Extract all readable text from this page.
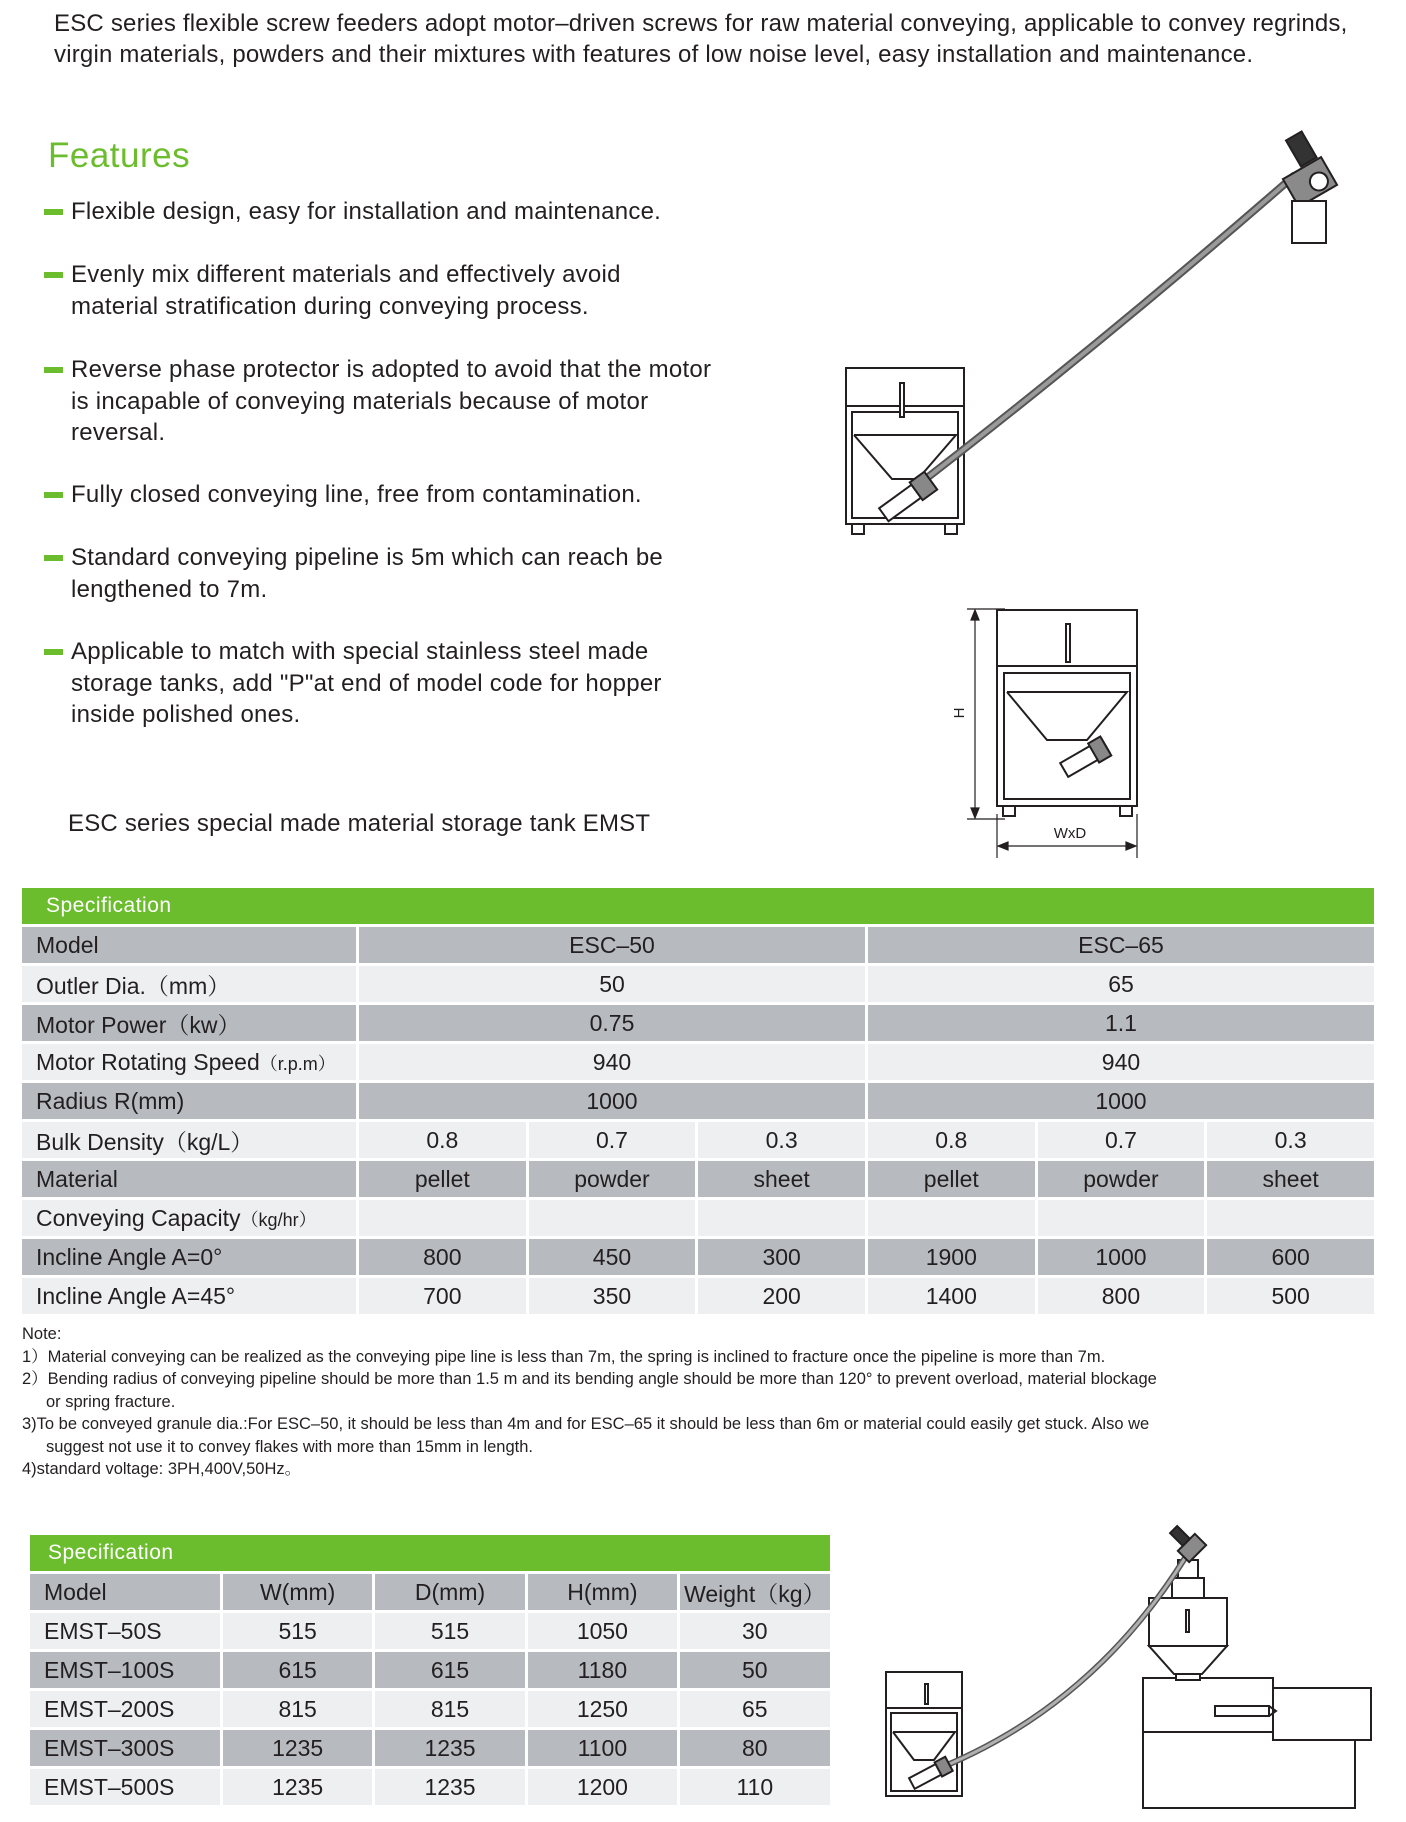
ESC series flexible screw feeders adopt motor–driven screws for raw material conveying, applicable to convey regrinds, virgin materials, powders and their mixtures with features of low noise level, easy installation and maintenance.
Features
Flexible design, easy for installation and maintenance.
Evenly mix different materials and effectively avoid material stratification during conveying process.
Reverse phase protector is adopted to avoid that the motor is incapable of conveying materials because of motor reversal.
Fully closed conveying line, free from contamination.
Standard conveying pipeline is 5m which can reach be lengthened to 7m.
Applicable to match with special stainless steel made storage tanks, add "P"at end of model code for hopper inside polished ones.
ESC series special made material storage tank EMST
H
WxD
Specification
Model	ESC–50			ESC–65		
Outler Dia.（mm）	50			65		
Motor Power（kw）	0.75			1.1		
Motor Rotating Speed（r.p.m）	940			940		
Radius R(mm)	1000			1000		
Bulk Density（kg/L）	0.8	0.7	0.3	0.8	0.7	0.3
Material	pellet	powder	sheet	pellet	powder	sheet
Conveying Capacity（kg/hr）						
Incline Angle A=0°	800	450	300	1900	1000	600
Incline Angle A=45°	700	350	200	1400	800	500
Note:
1）Material conveying can be realized as the conveying pipe line is less than 7m, the spring is inclined to fracture once the pipeline is more than 7m.
2）Bending radius of conveying pipeline should be more than 1.5 m and its bending angle should be more than 120° to prevent overload, material blockage
or spring fracture.
3)To be conveyed granule dia.:For ESC–50, it should be less than 4m and for ESC–65 it should be less than 6m or material could easily get stuck. Also we
suggest not use it to convey flakes with more than 15mm in length.
4)standard voltage: 3PH,400V,50Hz。
Specification
Model	W(mm)	D(mm)	H(mm)	Weight（kg）
EMST–50S	515	515	1050	30
EMST–100S	615	615	1180	50
EMST–200S	815	815	1250	65
EMST–300S	1235	1235	1100	80
EMST–500S	1235	1235	1200	110
